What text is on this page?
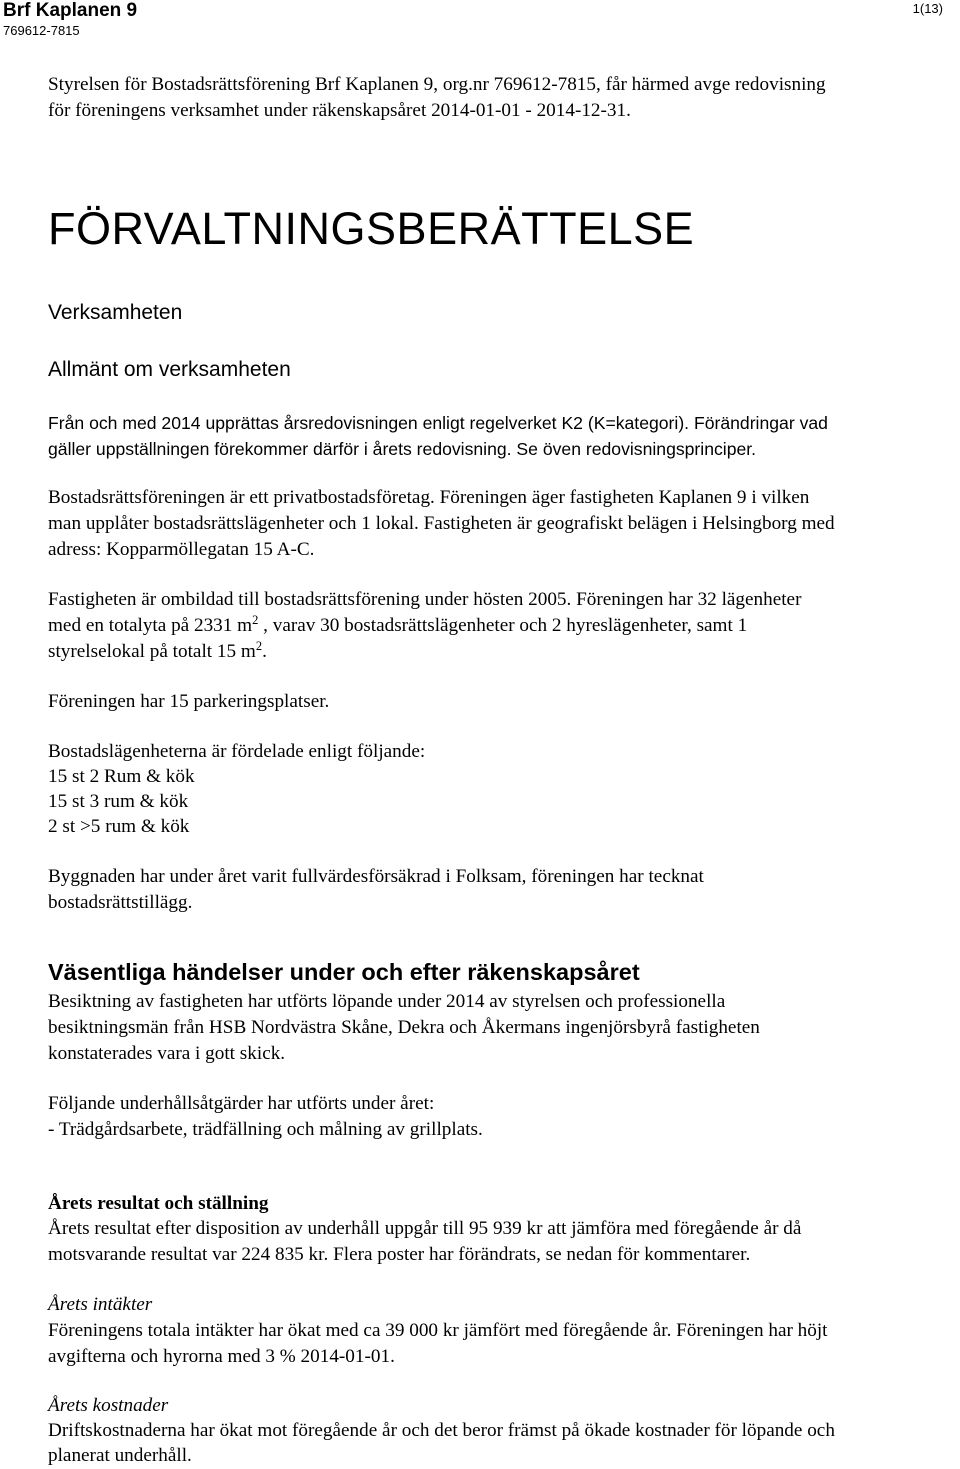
Brf Kaplanen 9
769612-7815
1(13)
Styrelsen för Bostadsrättsförening Brf Kaplanen 9, org.nr 769612-7815, får härmed avge redovisning
för föreningens verksamhet under räkenskapsåret 2014-01-01 - 2014-12-31.
FÖRVALTNINGSBERÄTTELSE
Verksamheten
Allmänt om verksamheten
Från och med 2014 upprättas årsredovisningen enligt regelverket K2 (K=kategori). Förändringar vad
gäller uppställningen förekommer därför i årets redovisning. Se öven redovisningsprinciper.
Bostadsrättsföreningen är ett privatbostadsföretag. Föreningen äger fastigheten Kaplanen 9 i vilken
man upplåter bostadsrättslägenheter och 1 lokal. Fastigheten är geografiskt belägen i Helsingborg med
adress: Kopparmöllegatan 15 A-C.
Fastigheten är ombildad till bostadsrättsförening under hösten 2005. Föreningen har 32 lägenheter
med en totalyta på 2331 $m^2$ , varav 30 bostadsrättslägenheter och 2 hyreslägenheter, samt 1
styrelselokal på totalt 15 $m^2$.
Föreningen har 15 parkeringsplatser.
Bostadslägenheterna är fördelade enligt följande:
15 st 2 Rum & kök
15 st 3 rum & kök
2 st >5 rum & kök
Byggnaden har under året varit fullvärdesförsäkrad i Folksam, föreningen har tecknat
bostadsrättstillägg.
Väsentliga händelser under och efter räkenskapsåret
Besiktning av fastigheten har utförts löpande under 2014 av styrelsen och professionella
besiktningsmän från HSB Nordvästra Skåne, Dekra och Åkermans ingenjörsbyrå fastigheten
konstaterades vara i gott skick.
Följande underhållsåtgärder har utförts under året:
- Trädgårdsarbete, trädfällning och målning av grillplats.
Årets resultat och ställning
Årets resultat efter disposition av underhåll uppgår till 95 939 kr att jämföra med föregående år då
motsvarande resultat var 224 835 kr. Flera poster har förändrats, se nedan för kommentarer.
Årets intäkter
Föreningens totala intäkter har ökat med ca 39 000 kr jämfört med föregående år. Föreningen har höjt
avgifterna och hyrorna med 3 % 2014-01-01.
Årets kostnader
Driftskostnaderna har ökat mot föregående år och det beror främst på ökade kostnader för löpande och
planerat underhåll.
